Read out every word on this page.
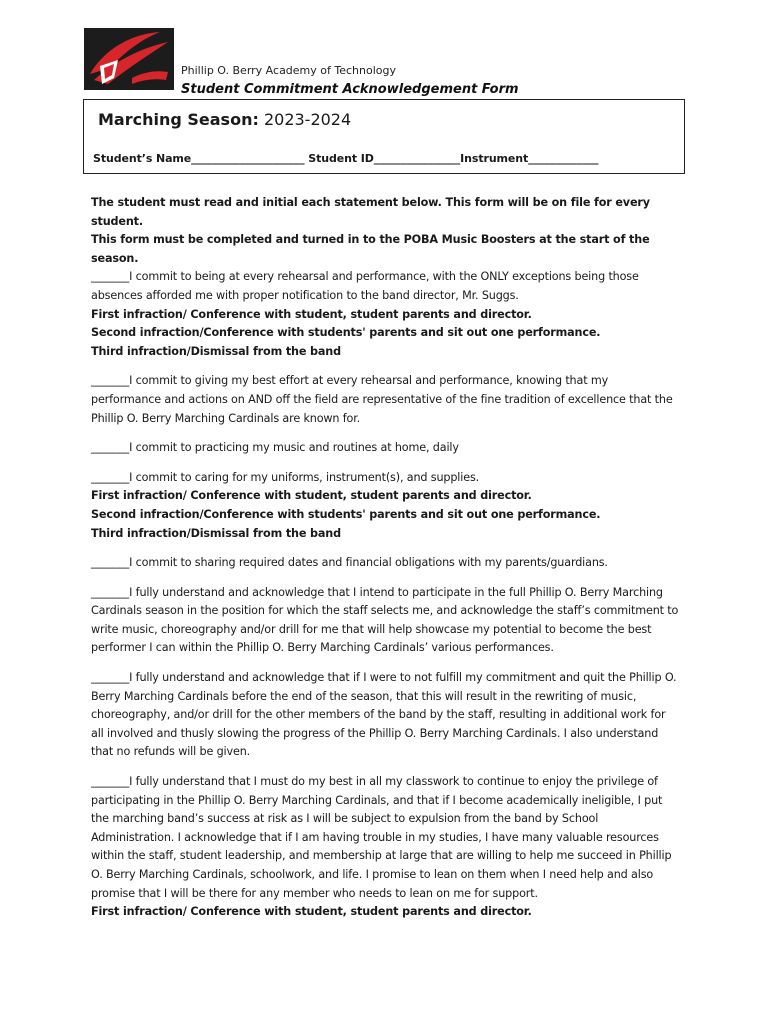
Phillip O. Berry Academy of Technology
Student Commitment Acknowledgement Form
Marching Season: 2023-2024
Student’s Name_____________________ Student ID________________Instrument_____________

The student must read and initial each statement below. This form will be on file for every student.

This form must be completed and turned in to the POBA Music Boosters at the start of the season.

_______I commit to being at every rehearsal and performance, with the ONLY exceptions being those absences afforded me with proper notification to the band director, Mr. Suggs.

First infraction/ Conference with student, student parents and director.

Second infraction/Conference with students' parents and sit out one performance.

Third infraction/Dismissal from the band

_______I commit to giving my best effort at every rehearsal and performance, knowing that my performance and actions on AND off the field are representative of the fine tradition of excellence that the Phillip O. Berry Marching Cardinals are known for.

_______I commit to practicing my music and routines at home, daily

_______I commit to caring for my uniforms, instrument(s), and supplies.

First infraction/ Conference with student, student parents and director.

Second infraction/Conference with students' parents and sit out one performance.

Third infraction/Dismissal from the band

_______I commit to sharing required dates and financial obligations with my parents/guardians.

_______I fully understand and acknowledge that I intend to participate in the full Phillip O. Berry Marching Cardinals season in the position for which the staff selects me, and acknowledge the staff’s commitment to write music, choreography and/or drill for me that will help showcase my potential to become the best performer I can within the Phillip O. Berry Marching Cardinals’ various performances.

_______I fully understand and acknowledge that if I were to not fulfill my commitment and quit the Phillip O. Berry Marching Cardinals before the end of the season, that this will result in the rewriting of music, choreography, and/or drill for the other members of the band by the staff, resulting in additional work for all involved and thusly slowing the progress of the Phillip O. Berry Marching Cardinals. I also understand that no refunds will be given.

_______I fully understand that I must do my best in all my classwork to continue to enjoy the privilege of participating in the Phillip O. Berry Marching Cardinals, and that if I become academically ineligible, I put the marching band’s success at risk as I will be subject to expulsion from the band by School Administration. I acknowledge that if I am having trouble in my studies, I have many valuable resources within the staff, student leadership, and membership at large that are willing to help me succeed in Phillip O. Berry Marching Cardinals, schoolwork, and life. I promise to lean on them when I need help and also promise that I will be there for any member who needs to lean on me for support.

First infraction/ Conference with student, student parents and director.
